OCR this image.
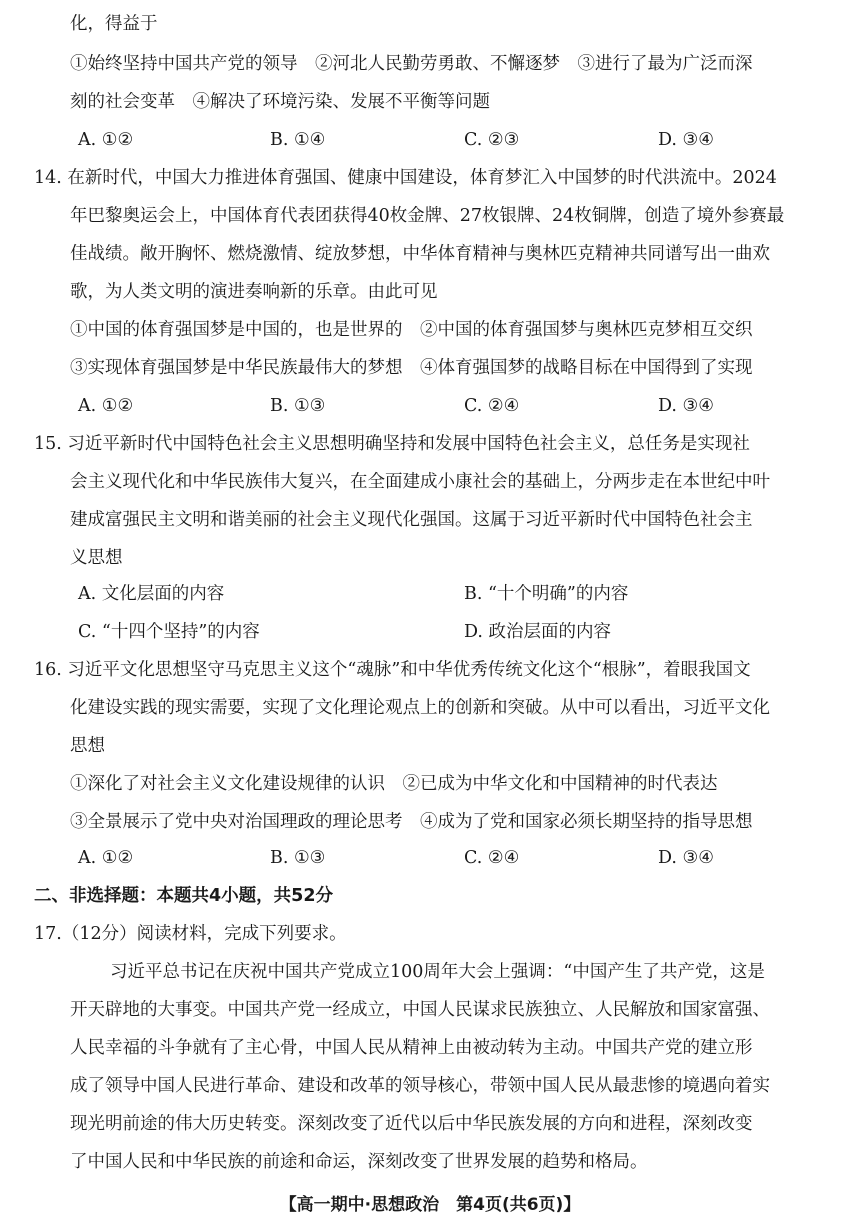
化，得益于
①始终坚持中国共产党的领导　②河北人民勤劳勇敢、不懈逐梦　③进行了最为广泛而深
刻的社会变革　④解决了环境污染、发展不平衡等问题
A. ①②	B. ①④	C. ②③	D. ③④
14. 在新时代，中国大力推进体育强国、健康中国建设，体育梦汇入中国梦的时代洪流中。2024
年巴黎奥运会上，中国体育代表团获得40枚金牌、27枚银牌、24枚铜牌，创造了境外参赛最
佳战绩。敞开胸怀、燃烧激情、绽放梦想，中华体育精神与奥林匹克精神共同谱写出一曲欢
歌，为人类文明的演进奏响新的乐章。由此可见
①中国的体育强国梦是中国的，也是世界的　②中国的体育强国梦与奥林匹克梦相互交织
③实现体育强国梦是中华民族最伟大的梦想　④体育强国梦的战略目标在中国得到了实现
A. ①②	B. ①③	C. ②④	D. ③④
15. 习近平新时代中国特色社会主义思想明确坚持和发展中国特色社会主义，总任务是实现社
会主义现代化和中华民族伟大复兴，在全面建成小康社会的基础上，分两步走在本世纪中叶
建成富强民主文明和谐美丽的社会主义现代化强国。这属于习近平新时代中国特色社会主
义思想
A. 文化层面的内容	B. “十个明确”的内容
C. “十四个坚持”的内容	D. 政治层面的内容
16. 习近平文化思想坚守马克思主义这个“魂脉”和中华优秀传统文化这个“根脉”，着眼我国文
化建设实践的现实需要，实现了文化理论观点上的创新和突破。从中可以看出，习近平文化
思想
①深化了对社会主义文化建设规律的认识　②已成为中华文化和中国精神的时代表达
③全景展示了党中央对治国理政的理论思考　④成为了党和国家必须长期坚持的指导思想
A. ①②	B. ①③	C. ②④	D. ③④
二、非选择题：本题共4小题，共52分
17.（12分）阅读材料，完成下列要求。
习近平总书记在庆祝中国共产党成立100周年大会上强调：“中国产生了共产党，这是
开天辟地的大事变。中国共产党一经成立，中国人民谋求民族独立、人民解放和国家富强、
人民幸福的斗争就有了主心骨，中国人民从精神上由被动转为主动。中国共产党的建立形
成了领导中国人民进行革命、建设和改革的领导核心，带领中国人民从最悲惨的境遇向着实
现光明前途的伟大历史转变。深刻改变了近代以后中华民族发展的方向和进程，深刻改变
了中国人民和中华民族的前途和命运，深刻改变了世界发展的趋势和格局。
【高一期中·思想政治　第4页(共6页)】
